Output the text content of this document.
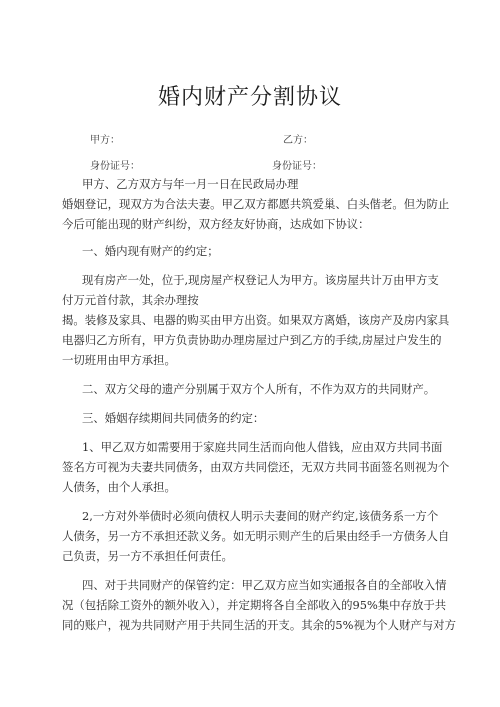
婚内财产分割协议
甲方：	乙方：
身份证号：	身份证号：
甲方、乙方双方与年一月一日在民政局办理
婚姻登记，现双方为合法夫妻。甲乙双方都愿共筑爱巢、白头偕老。但为防止
今后可能出现的财产纠纷，双方经友好协商，达成如下协议：
一、婚内现有财产的约定；
现有房产一处，位于,现房屋产权登记人为甲方。该房屋共计万由甲方支
付万元首付款，其余办理按
揭。装修及家具、电器的购买由甲方出资。如果双方离婚，该房产及房内家具
电器归乙方所有，甲方负责协助办理房屋过户到乙方的手续,房屋过户发生的
一切班用由甲方承担。
二、双方父母的遗产分别属于双方个人所有，不作为双方的共同财产。
三、婚姻存续期间共同债务的约定：
1、甲乙双方如需要用于家庭共同生活而向他人借钱，应由双方共同书面
签名方可视为夫妻共同债务，由双方共同偿还，无双方共同书面签名则视为个
人债务，由个人承担。
2,一方对外举债时必须向债权人明示夫妻间的财产约定,该债务系一方个
人债务，另一方不承担还款义务。如无明示则产生的后果由经手一方债务人自
己负责，另一方不承担任何责任。
四、对于共同财产的保管约定：甲乙双方应当如实通报各自的全部收入情
况（包括除工资外的额外收入），并定期将各自全部收入的95%集中存放于共
同的账户，视为共同财产用于共同生活的开支。其余的5%视为个人财产与对方
